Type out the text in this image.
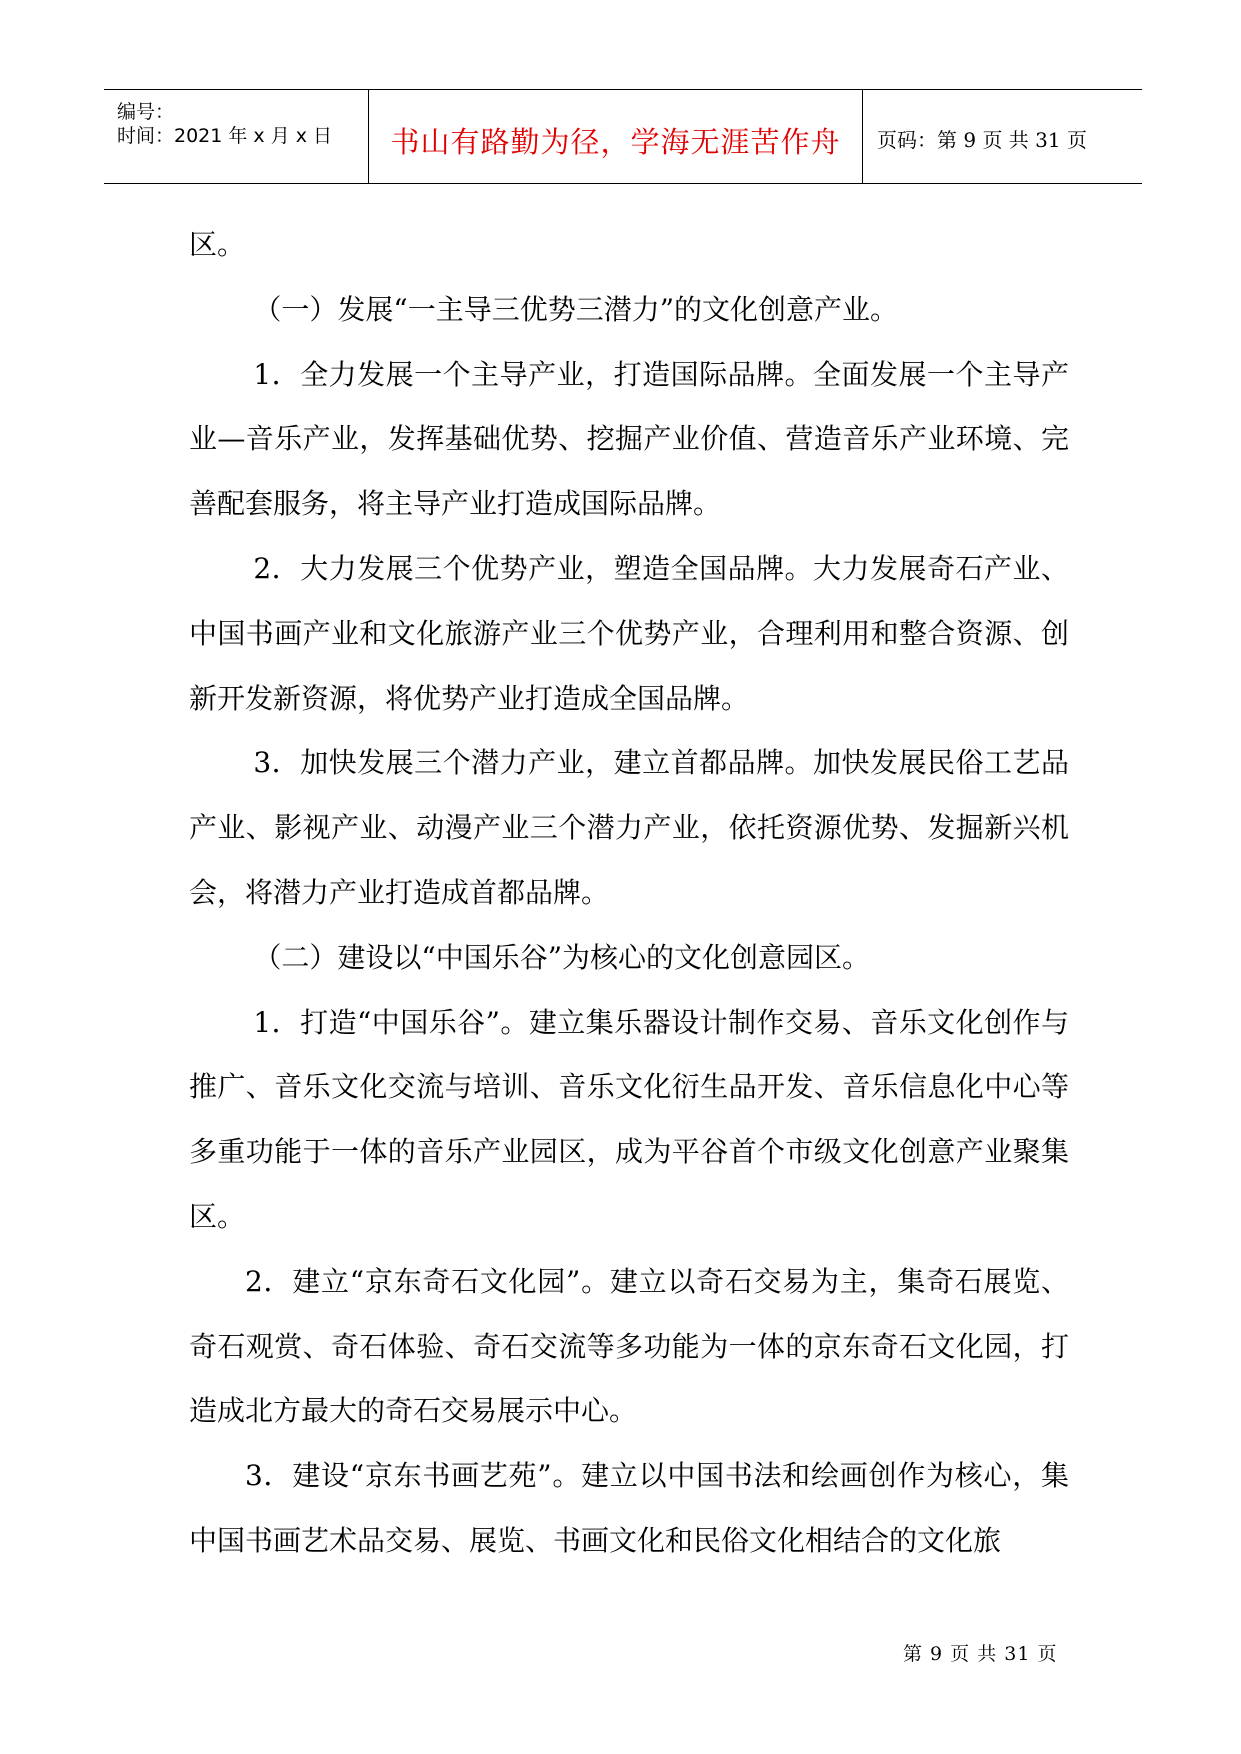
编号：
时间：2021 年 x 月 x 日	书山有路勤为径，学海无涯苦作舟	页码：第 9 页 共 31 页

区。

（一）发展“一主导三优势三潜力”的文化创意产业。

1．全力发展一个主导产业，打造国际品牌。全面发展一个主导产业—音乐产业，发挥基础优势、挖掘产业价值、营造音乐产业环境、完善配套服务，将主导产业打造成国际品牌。

2．大力发展三个优势产业，塑造全国品牌。大力发展奇石产业、中国书画产业和文化旅游产业三个优势产业，合理利用和整合资源、创新开发新资源，将优势产业打造成全国品牌。

3．加快发展三个潜力产业，建立首都品牌。加快发展民俗工艺品产业、影视产业、动漫产业三个潜力产业，依托资源优势、发掘新兴机会，将潜力产业打造成首都品牌。

（二）建设以“中国乐谷”为核心的文化创意园区。

1．打造“中国乐谷”。建立集乐器设计制作交易、音乐文化创作与推广、音乐文化交流与培训、音乐文化衍生品开发、音乐信息化中心等多重功能于一体的音乐产业园区，成为平谷首个市级文化创意产业聚集区。

2．建立“京东奇石文化园”。建立以奇石交易为主，集奇石展览、奇石观赏、奇石体验、奇石交流等多功能为一体的京东奇石文化园，打造成北方最大的奇石交易展示中心。

3．建设“京东书画艺苑”。建立以中国书法和绘画创作为核心，集中国书画艺术品交易、展览、书画文化和民俗文化相结合的文化旅

第 9 页 共 31 页
